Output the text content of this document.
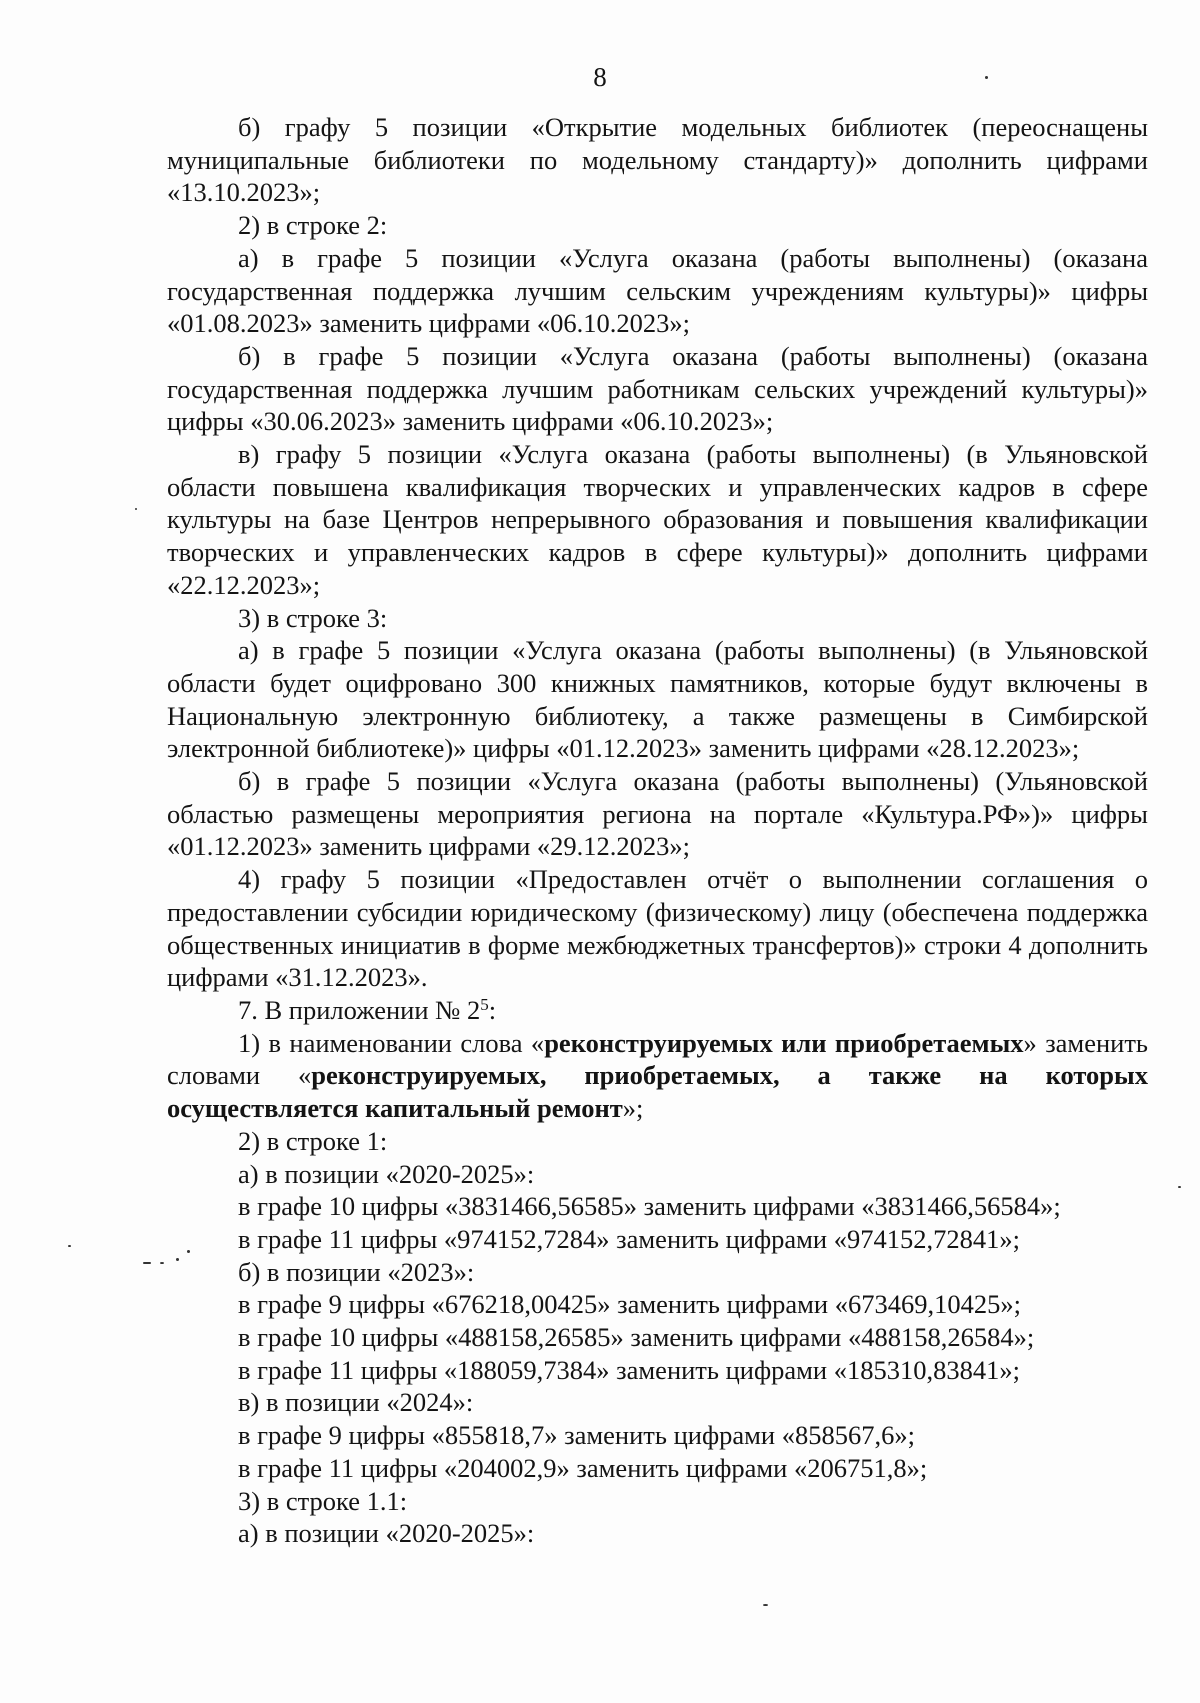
8

б) графу 5 позиции «Открытие модельных библиотек (переоснащены муниципальные библиотеки по модельному стандарту)» дополнить цифрами «13.10.2023»;

2) в строке 2:

а) в графе 5 позиции «Услуга оказана (работы выполнены) (оказана государственная поддержка лучшим сельским учреждениям культуры)» цифры «01.08.2023» заменить цифрами «06.10.2023»;

б) в графе 5 позиции «Услуга оказана (работы выполнены) (оказана государственная поддержка лучшим работникам сельских учреждений культуры)» цифры «30.06.2023» заменить цифрами «06.10.2023»;

в) графу 5 позиции «Услуга оказана (работы выполнены) (в Ульяновской области повышена квалификация творческих и управленческих кадров в сфере культуры на базе Центров непрерывного образования и повышения квалификации творческих и управленческих кадров в сфере культуры)» дополнить цифрами «22.12.2023»;

3) в строке 3:

а) в графе 5 позиции «Услуга оказана (работы выполнены) (в Ульяновской области будет оцифровано 300 книжных памятников, которые будут включены в Национальную электронную библиотеку, а также размещены в Симбирской электронной библиотеке)» цифры «01.12.2023» заменить цифрами «28.12.2023»;

б) в графе 5 позиции «Услуга оказана (работы выполнены) (Ульяновской областью размещены мероприятия региона на портале «Культура.РФ»)» цифры «01.12.2023» заменить цифрами «29.12.2023»;

4) графу 5 позиции «Предоставлен отчёт о выполнении соглашения о предоставлении субсидии юридическому (физическому) лицу (обеспечена поддержка общественных инициатив в форме межбюджетных трансфертов)» строки 4 дополнить цифрами «31.12.2023».

7. В приложении № $2^5$:

1) в наименовании слова «реконструируемых или приобретаемых» заменить словами «реконструируемых, приобретаемых, а также на которых осуществляется капитальный ремонт»;

2) в строке 1:

а) в позиции «2020-2025»:

в графе 10 цифры «3831466,56585» заменить цифрами «3831466,56584»;

в графе 11 цифры «974152,7284» заменить цифрами «974152,72841»;

б) в позиции «2023»:

в графе 9 цифры «676218,00425» заменить цифрами «673469,10425»;

в графе 10 цифры «488158,26585» заменить цифрами «488158,26584»;

в графе 11 цифры «188059,7384» заменить цифрами «185310,83841»;

в) в позиции «2024»:

в графе 9 цифры «855818,7» заменить цифрами «858567,6»;

в графе 11 цифры «204002,9» заменить цифрами «206751,8»;

3) в строке 1.1:

а) в позиции «2020-2025»:
